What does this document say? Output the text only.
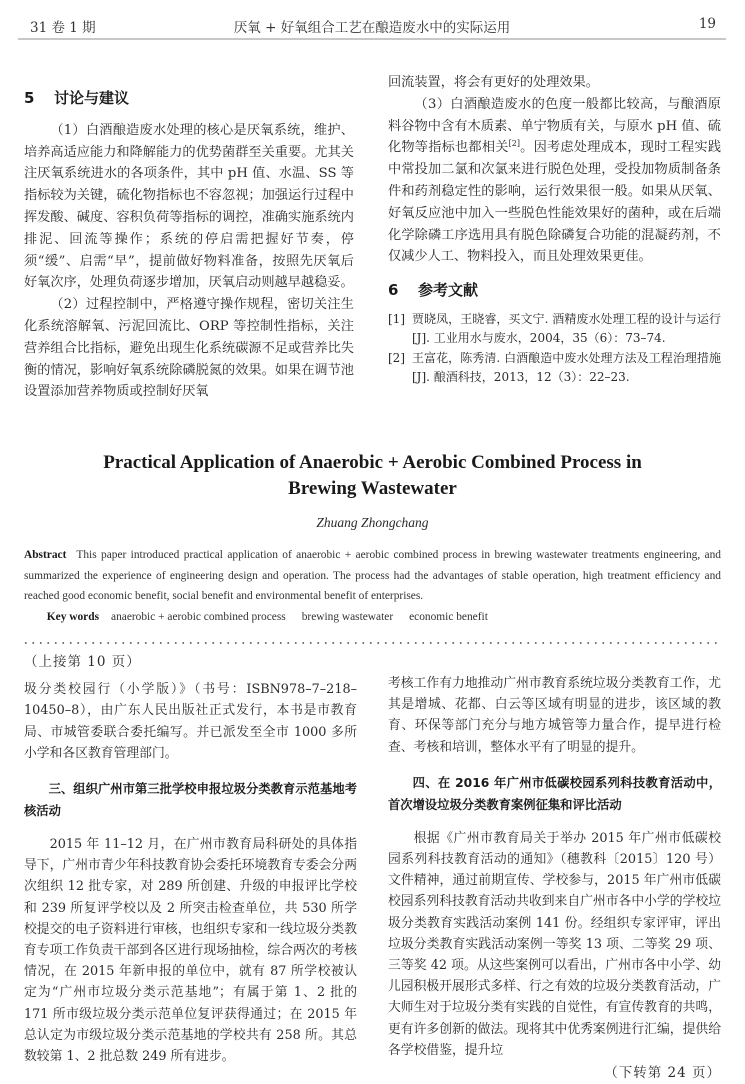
31 卷 1 期	厌氧 + 好氧组合工艺在酿造废水中的实际运用	19
5 讨论与建议

（1）白酒酿造废水处理的核心是厌氧系统，维护、培养高适应能力和降解能力的优势菌群至关重要。尤其关注厌氧系统进水的各项条件，其中 pH 值、水温、SS 等指标较为关键，硫化物指标也不容忽视；加强运行过程中挥发酸、碱度、容积负荷等指标的调控，准确实施系统内排泥、回流等操作；系统的停启需把握好节奏，停须“缓”、启需“早”，提前做好物料准备，按照先厌氧后好氧次序，处理负荷逐步增加，厌氧启动则越早越稳妥。

（2）过程控制中，严格遵守操作规程，密切关注生化系统溶解氧、污泥回流比、ORP 等控制性指标，关注营养组合比指标，避免出现生化系统碳源不足或营养比失衡的情况，影响好氧系统除磷脱氮的效果。如果在调节池设置添加营养物质或控制好厌氧

回流装置，将会有更好的处理效果。

（3）白酒酿造废水的色度一般都比较高，与酿酒原料谷物中含有木质素、单宁物质有关，与原水 pH 值、硫化物等指标也都相关[2]。因考虑处理成本，现时工程实践中常投加二氯和次氯来进行脱色处理，受投加物质制备条件和药剂稳定性的影响，运行效果很一般。如果从厌氧、好氧反应池中加入一些脱色性能效果好的菌种，或在后端化学除磷工序选用具有脱色除磷复合功能的混凝药剂，不仅减少人工、物料投入，而且处理效果更佳。

6 参考文献
[1] 贾晓凤，王晓睿，买文宁. 酒精废水处理工程的设计与运行[J]. 工业用水与废水，2004，35（6）：73–74.
[2] 王富花，陈秀清. 白酒酿造中废水处理方法及工程治理措施[J]. 酿酒科技，2013，12（3）：22–23.
Practical Application of Anaerobic + Aerobic Combined Process in
Brewing Wastewater
Zhuang Zhongchang
Abstract This paper introduced practical application of anaerobic + aerobic combined process in brewing wastewater treatments engineering, and summarized the experience of engineering design and operation. The process had the advantages of stable operation, high treatment efficiency and reached good economic benefit, social benefit and environmental benefit of enterprises.
Key words anaerobic + aerobic combined process brewing wastewater economic benefit
（上接第 10 页）

圾分类校园行（小学版）》（书号：ISBN978–7–218–10450–8），由广东人民出版社正式发行，本书是市教育局、市城管委联合委托编写。并已派发至全市 1000 多所小学和各区教育管理部门。

三、组织广州市第三批学校申报垃圾分类教育示范基地考核活动

2015 年 11–12 月，在广州市教育局科研处的具体指导下，广州市青少年科技教育协会委托环境教育专委会分两次组织 12 批专家，对 289 所创建、升级的申报评比学校和 239 所复评学校以及 2 所突击检查单位，共 530 所学校提交的电子资料进行审核，也组织专家和一线垃圾分类教育专项工作负责干部到各区进行现场抽检，综合两次的考核情况，在 2015 年新申报的单位中，就有 87 所学校被认定为“广州市垃圾分类示范基地”；有属于第 1、2 批的 171 所市级垃圾分类示范单位复评获得通过；在 2015 年总认定为市级垃圾分类示范基地的学校共有 258 所。其总数较第 1、2 批总数 249 所有进步。

考核工作有力地推动广州市教育系统垃圾分类教育工作，尤其是增城、花都、白云等区域有明显的进步，该区域的教育、环保等部门充分与地方城管等力量合作，提早进行检查、考核和培训，整体水平有了明显的提升。

四、在 2016 年广州市低碳校园系列科技教育活动中，首次增设垃圾分类教育案例征集和评比活动

根据《广州市教育局关于举办 2015 年广州市低碳校园系列科技教育活动的通知》（穗教科〔2015〕120 号）文件精神，通过前期宣传、学校参与，2015 年广州市低碳校园系列科技教育活动共收到来自广州市各中小学的学校垃圾分类教育实践活动案例 141 份。经组织专家评审，评出垃圾分类教育实践活动案例一等奖 13 项、二等奖 29 项、三等奖 42 项。从这些案例可以看出，广州市各中小学、幼儿园积极开展形式多样、行之有效的垃圾分类教育活动，广大师生对于垃圾分类有实践的自觉性，有宣传教育的共鸣，更有许多创新的做法。现将其中优秀案例进行汇编，提供给各学校借鉴，提升垃

（下转第 24 页）
